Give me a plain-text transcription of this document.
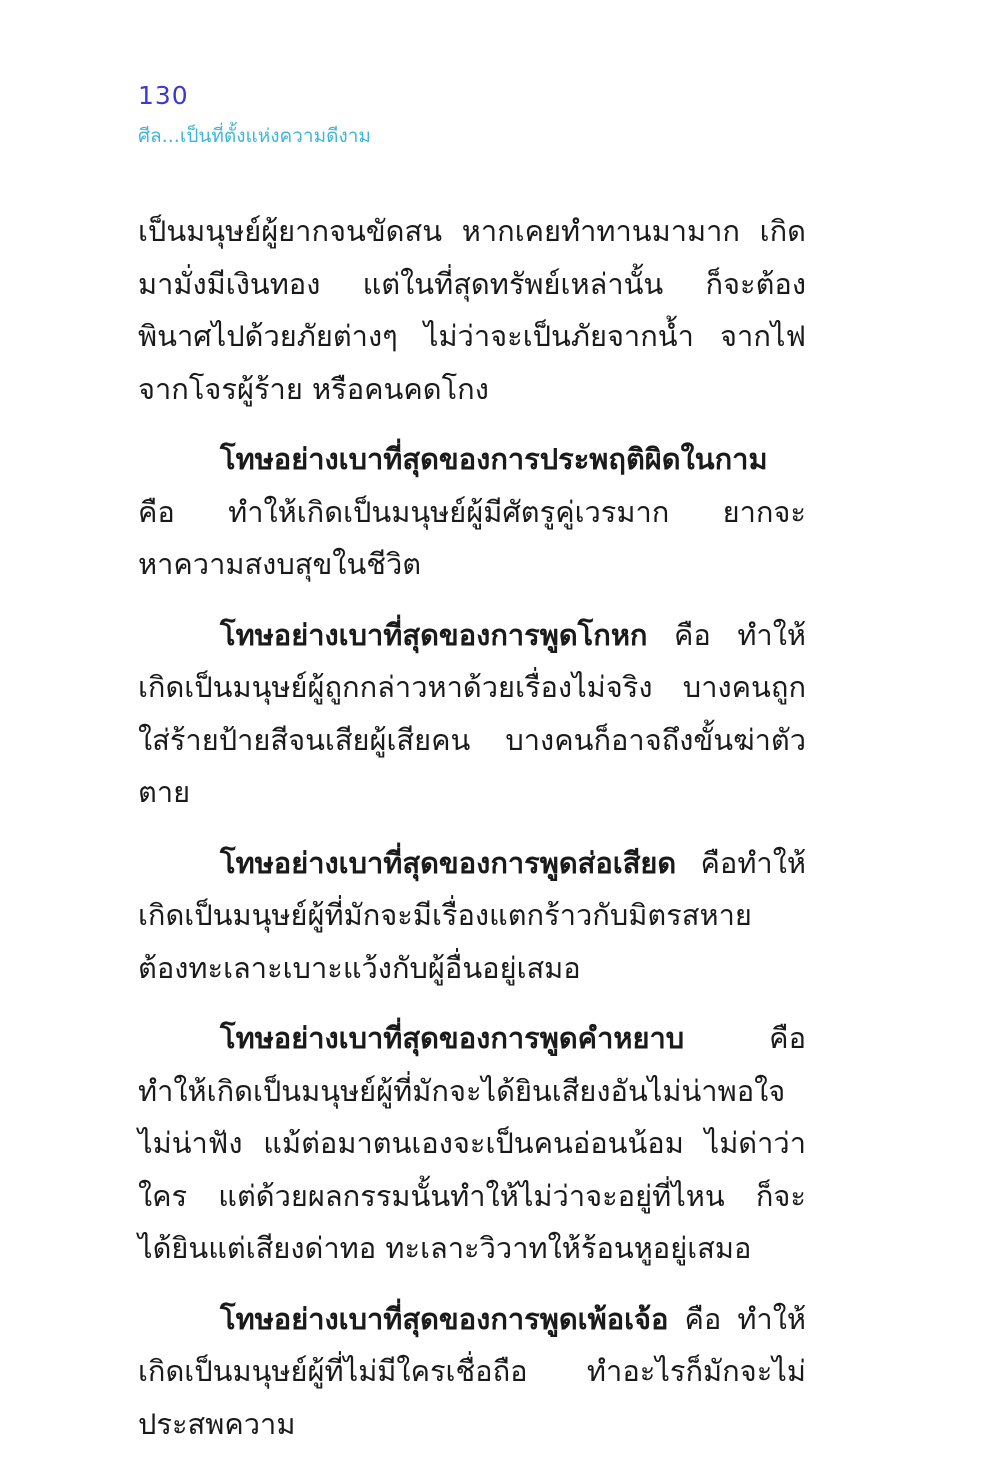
130
ศีล...เป็นที่ตั้งแห่งความดีงาม

เป็นมนุษย์ผู้ยากจนขัดสน หากเคยทำทานมามาก เกิดมามั่งมีเงินทอง แต่ในที่สุดทรัพย์เหล่านั้น ก็จะต้องพินาศไปด้วยภัยต่างๆ ไม่ว่าจะเป็นภัยจากน้ำ จากไฟ จากโจรผู้ร้าย หรือคนคดโกง

โทษอย่างเบาที่สุดของการประพฤติผิดในกาม คือ ทำให้เกิดเป็นมนุษย์ผู้มีศัตรูคู่เวรมาก ยากจะหาความสงบสุขในชีวิต

โทษอย่างเบาที่สุดของการพูดโกหก คือ ทำให้เกิดเป็นมนุษย์ผู้ถูกกล่าวหาด้วยเรื่องไม่จริง บางคนถูกใส่ร้ายป้ายสีจนเสียผู้เสียคน บางคนก็อาจถึงขั้นฆ่าตัวตาย

โทษอย่างเบาที่สุดของการพูดส่อเสียด คือทำให้เกิดเป็นมนุษย์ผู้ที่มักจะมีเรื่องแตกร้าวกับมิตรสหาย ต้องทะเลาะเบาะแว้งกับผู้อื่นอยู่เสมอ

โทษอย่างเบาที่สุดของการพูดคำหยาบ คือ ทำให้เกิดเป็นมนุษย์ผู้ที่มักจะได้ยินเสียงอันไม่น่าพอใจ ไม่น่าฟัง แม้ต่อมาตนเองจะเป็นคนอ่อนน้อม ไม่ด่าว่าใคร แต่ด้วยผลกรรมนั้นทำให้ไม่ว่าจะอยู่ที่ไหน ก็จะได้ยินแต่เสียงด่าทอ ทะเลาะวิวาทให้ร้อนหูอยู่เสมอ

โทษอย่างเบาที่สุดของการพูดเพ้อเจ้อ คือ ทำให้เกิดเป็นมนุษย์ผู้ที่ไม่มีใครเชื่อถือ ทำอะไรก็มักจะไม่ประสพความ
